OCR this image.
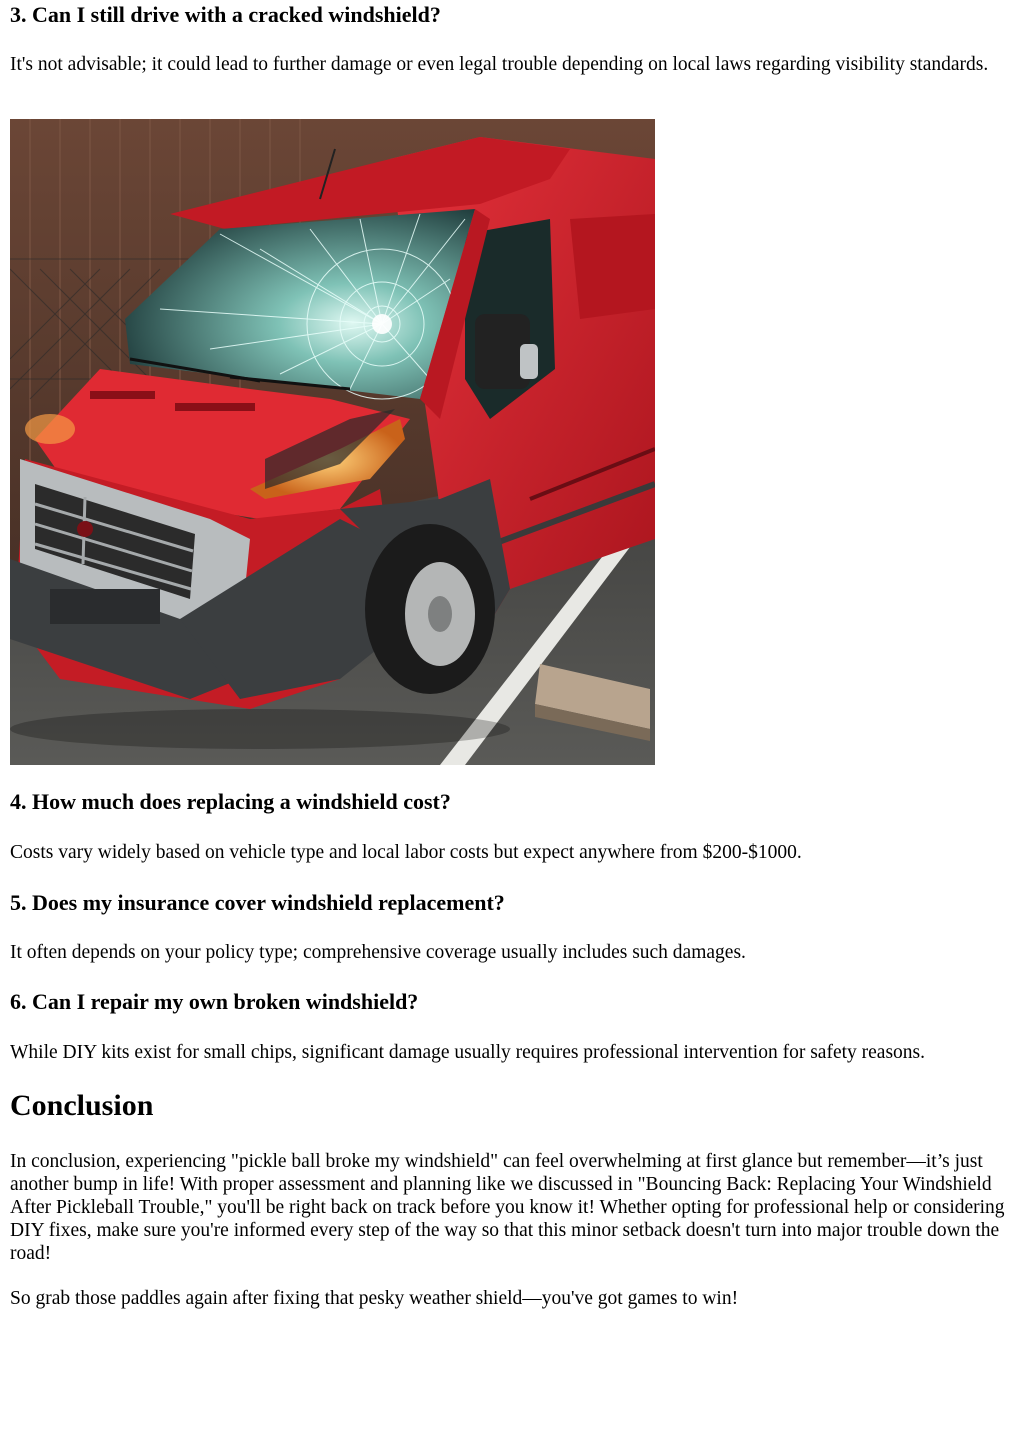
3. Can I still drive with a cracked windshield?

It's not advisable; it could lead to further damage or even legal trouble depending on local laws regarding visibility standards.

4. How much does replacing a windshield cost?

Costs vary widely based on vehicle type and local labor costs but expect anywhere from $200-$1000.

5. Does my insurance cover windshield replacement?

It often depends on your policy type; comprehensive coverage usually includes such damages.

6. Can I repair my own broken windshield?

While DIY kits exist for small chips, significant damage usually requires professional intervention for safety reasons.

Conclusion

In conclusion, experiencing "pickle ball broke my windshield" can feel overwhelming at first glance but remember—it’s just another bump in life! With proper assessment and planning like we discussed in "Bouncing Back: Replacing Your Windshield After Pickleball Trouble," you'll be right back on track before you know it! Whether opting for professional help or considering DIY fixes, make sure you're informed every step of the way so that this minor setback doesn't turn into major trouble down the road!

So grab those paddles again after fixing that pesky weather shield—you've got games to win!
